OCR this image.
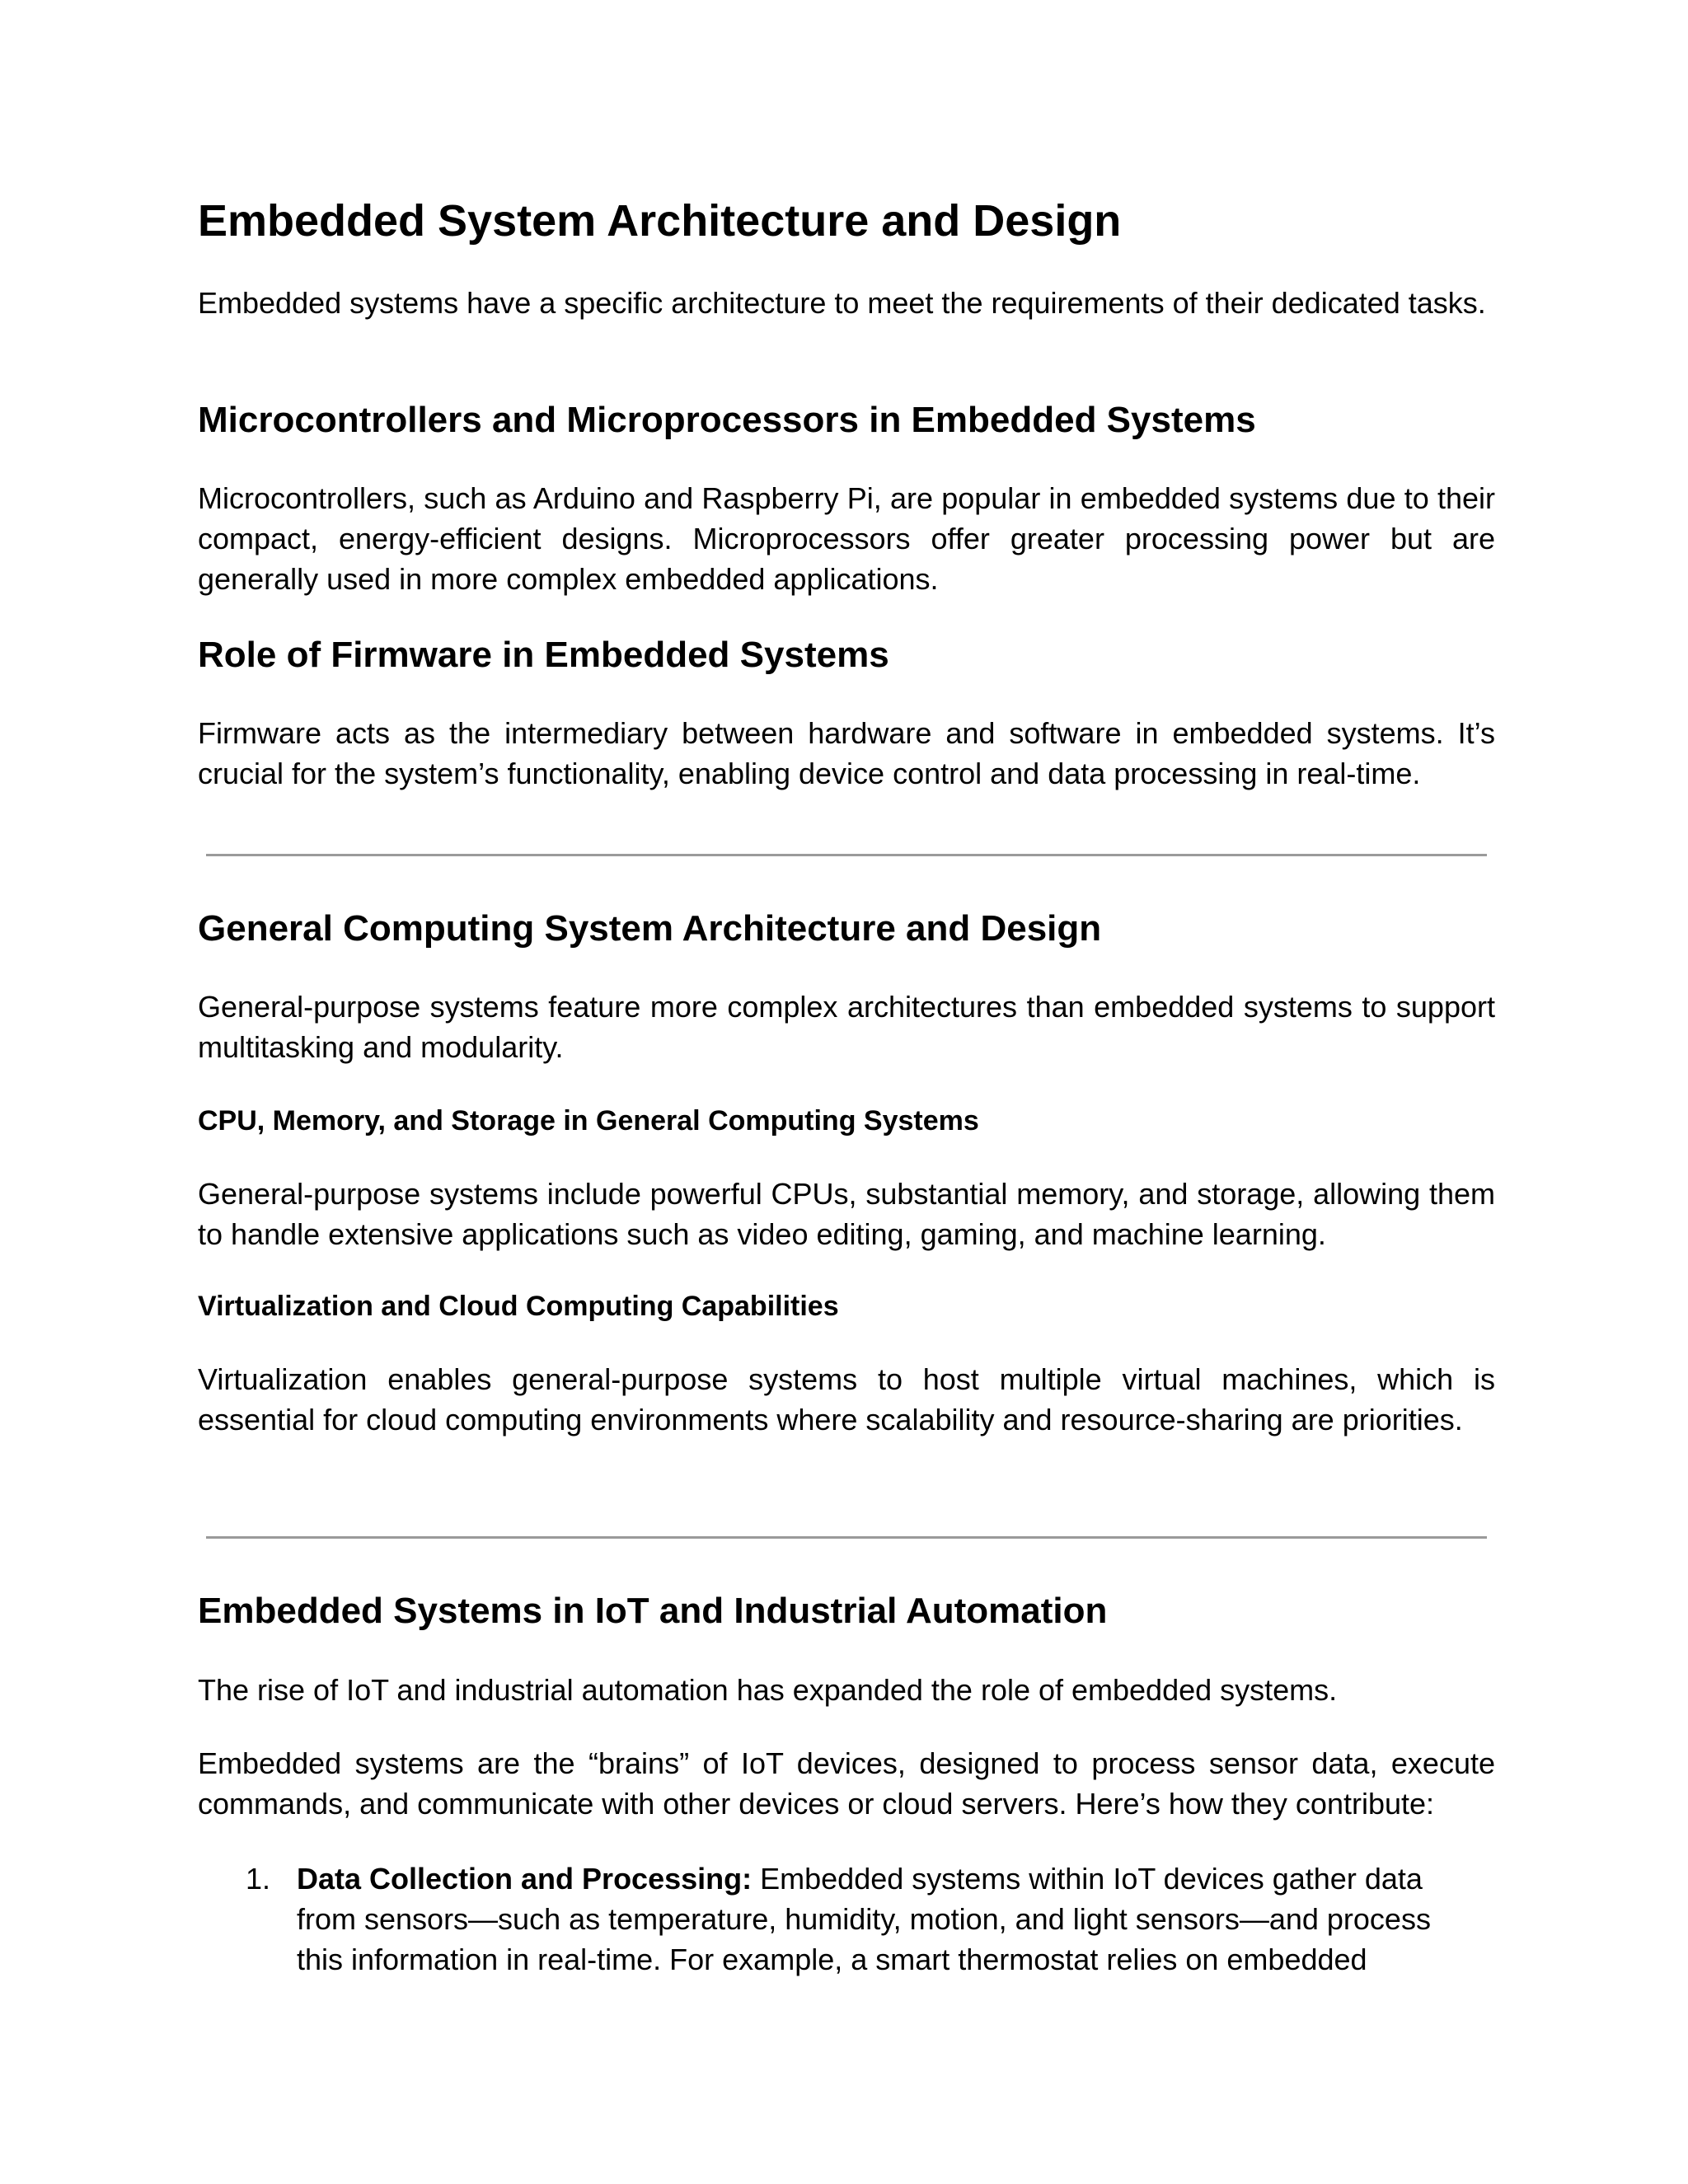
Embedded System Architecture and Design

Embedded systems have a specific architecture to meet the requirements of their dedicated tasks.

Microcontrollers and Microprocessors in Embedded Systems

Microcontrollers, such as Arduino and Raspberry Pi, are popular in embedded systems due to their compact, energy-efficient designs. Microprocessors offer greater processing power but are generally used in more complex embedded applications.

Role of Firmware in Embedded Systems

Firmware acts as the intermediary between hardware and software in embedded systems. It’s crucial for the system’s functionality, enabling device control and data processing in real-time.

General Computing System Architecture and Design

General-purpose systems feature more complex architectures than embedded systems to support multitasking and modularity.

CPU, Memory, and Storage in General Computing Systems

General-purpose systems include powerful CPUs, substantial memory, and storage, allowing them to handle extensive applications such as video editing, gaming, and machine learning.

Virtualization and Cloud Computing Capabilities

Virtualization enables general-purpose systems to host multiple virtual machines, which is essential for cloud computing environments where scalability and resource-sharing are priorities.

Embedded Systems in IoT and Industrial Automation

The rise of IoT and industrial automation has expanded the role of embedded systems.

Embedded systems are the “brains” of IoT devices, designed to process sensor data, execute commands, and communicate with other devices or cloud servers. Here’s how they contribute:

1. Data Collection and Processing: Embedded systems within IoT devices gather data from sensors—such as temperature, humidity, motion, and light sensors—and process this information in real-time. For example, a smart thermostat relies on embedded
